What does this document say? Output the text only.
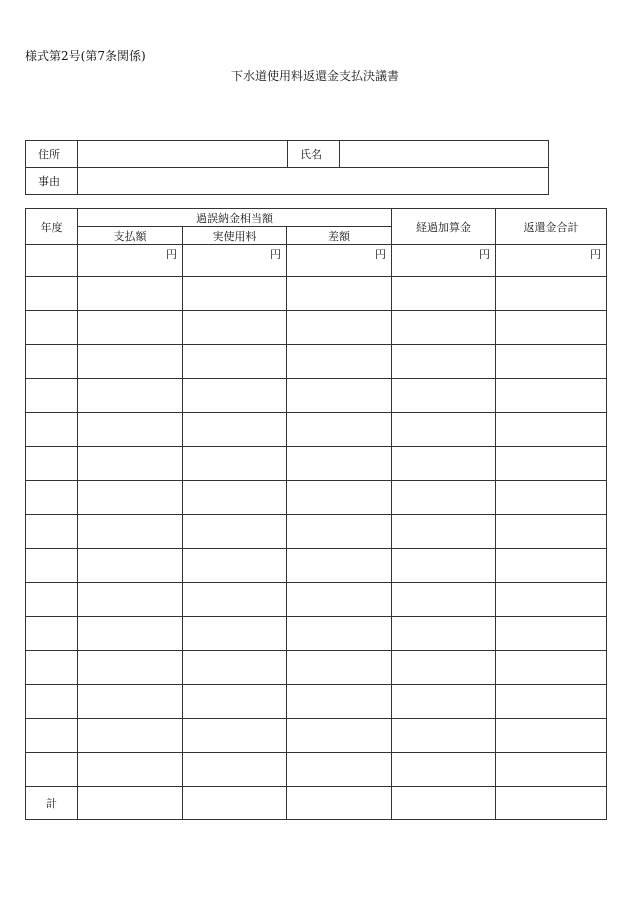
様式第2号(第7条関係)
下水道使用料返還金支払決議書
住所		氏名	
事由			
年度	過誤納金相当額			経過加算金	返還金合計
	支払額	実使用料	差額		
	円	円	円	円	円

計					
